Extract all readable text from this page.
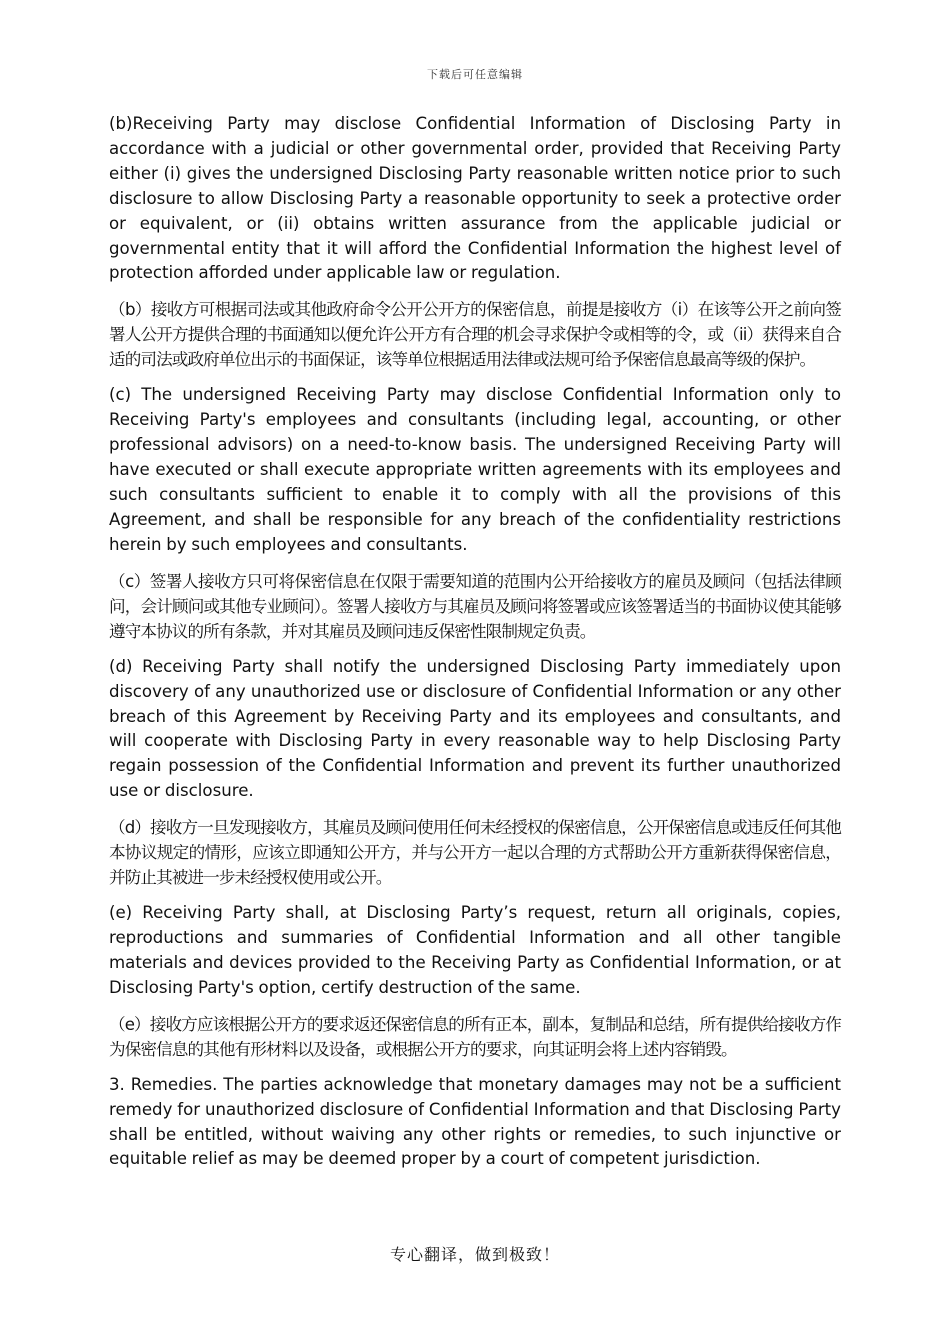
下载后可任意编辑

(b)Receiving Party may disclose Confidential Information of Disclosing Party in accordance with a judicial or other governmental order, provided that Receiving Party either (i) gives the undersigned Disclosing Party reasonable written notice prior to such disclosure to allow Disclosing Party a reasonable opportunity to seek a protective order or equivalent, or (ii) obtains written assurance from the applicable judicial or governmental entity that it will afford the Confidential Information the highest level of protection afforded under applicable law or regulation.

（b）接收方可根据司法或其他政府命令公开公开方的保密信息，前提是接收方（i）在该等公开之前向签署人公开方提供合理的书面通知以便允许公开方有合理的机会寻求保护令或相等的令，或（ii）获得来自合适的司法或政府单位出示的书面保证，该等单位根据适用法律或法规可给予保密信息最高等级的保护。

(c) The undersigned Receiving Party may disclose Confidential Information only to Receiving Party's employees and consultants (including legal, accounting, or other professional advisors) on a need-to-know basis. The undersigned Receiving Party will have executed or shall execute appropriate written agreements with its employees and such consultants sufficient to enable it to comply with all the provisions of this Agreement, and shall be responsible for any breach of the confidentiality restrictions herein by such employees and consultants.

（c）签署人接收方只可将保密信息在仅限于需要知道的范围内公开给接收方的雇员及顾问（包括法律顾问，会计顾问或其他专业顾问）。签署人接收方与其雇员及顾问将签署或应该签署适当的书面协议使其能够遵守本协议的所有条款，并对其雇员及顾问违反保密性限制规定负责。

(d) Receiving Party shall notify the undersigned Disclosing Party immediately upon discovery of any unauthorized use or disclosure of Confidential Information or any other breach of this Agreement by Receiving Party and its employees and consultants, and will cooperate with Disclosing Party in every reasonable way to help Disclosing Party regain possession of the Confidential Information and prevent its further unauthorized use or disclosure.

（d）接收方一旦发现接收方，其雇员及顾问使用任何未经授权的保密信息，公开保密信息或违反任何其他本协议规定的情形，应该立即通知公开方，并与公开方一起以合理的方式帮助公开方重新获得保密信息，并防止其被进一步未经授权使用或公开。

(e) Receiving Party shall, at Disclosing Party’s request, return all originals, copies, reproductions and summaries of Confidential Information and all other tangible materials and devices provided to the Receiving Party as Confidential Information, or at Disclosing Party's option, certify destruction of the same.

（e）接收方应该根据公开方的要求返还保密信息的所有正本，副本，复制品和总结，所有提供给接收方作为保密信息的其他有形材料以及设备，或根据公开方的要求，向其证明会将上述内容销毁。

3. Remedies. The parties acknowledge that monetary damages may not be a sufficient remedy for unauthorized disclosure of Confidential Information and that Disclosing Party shall be entitled, without waiving any other rights or remedies, to such injunctive or equitable relief as may be deemed proper by a court of competent jurisdiction.

专心翻译，做到极致！
